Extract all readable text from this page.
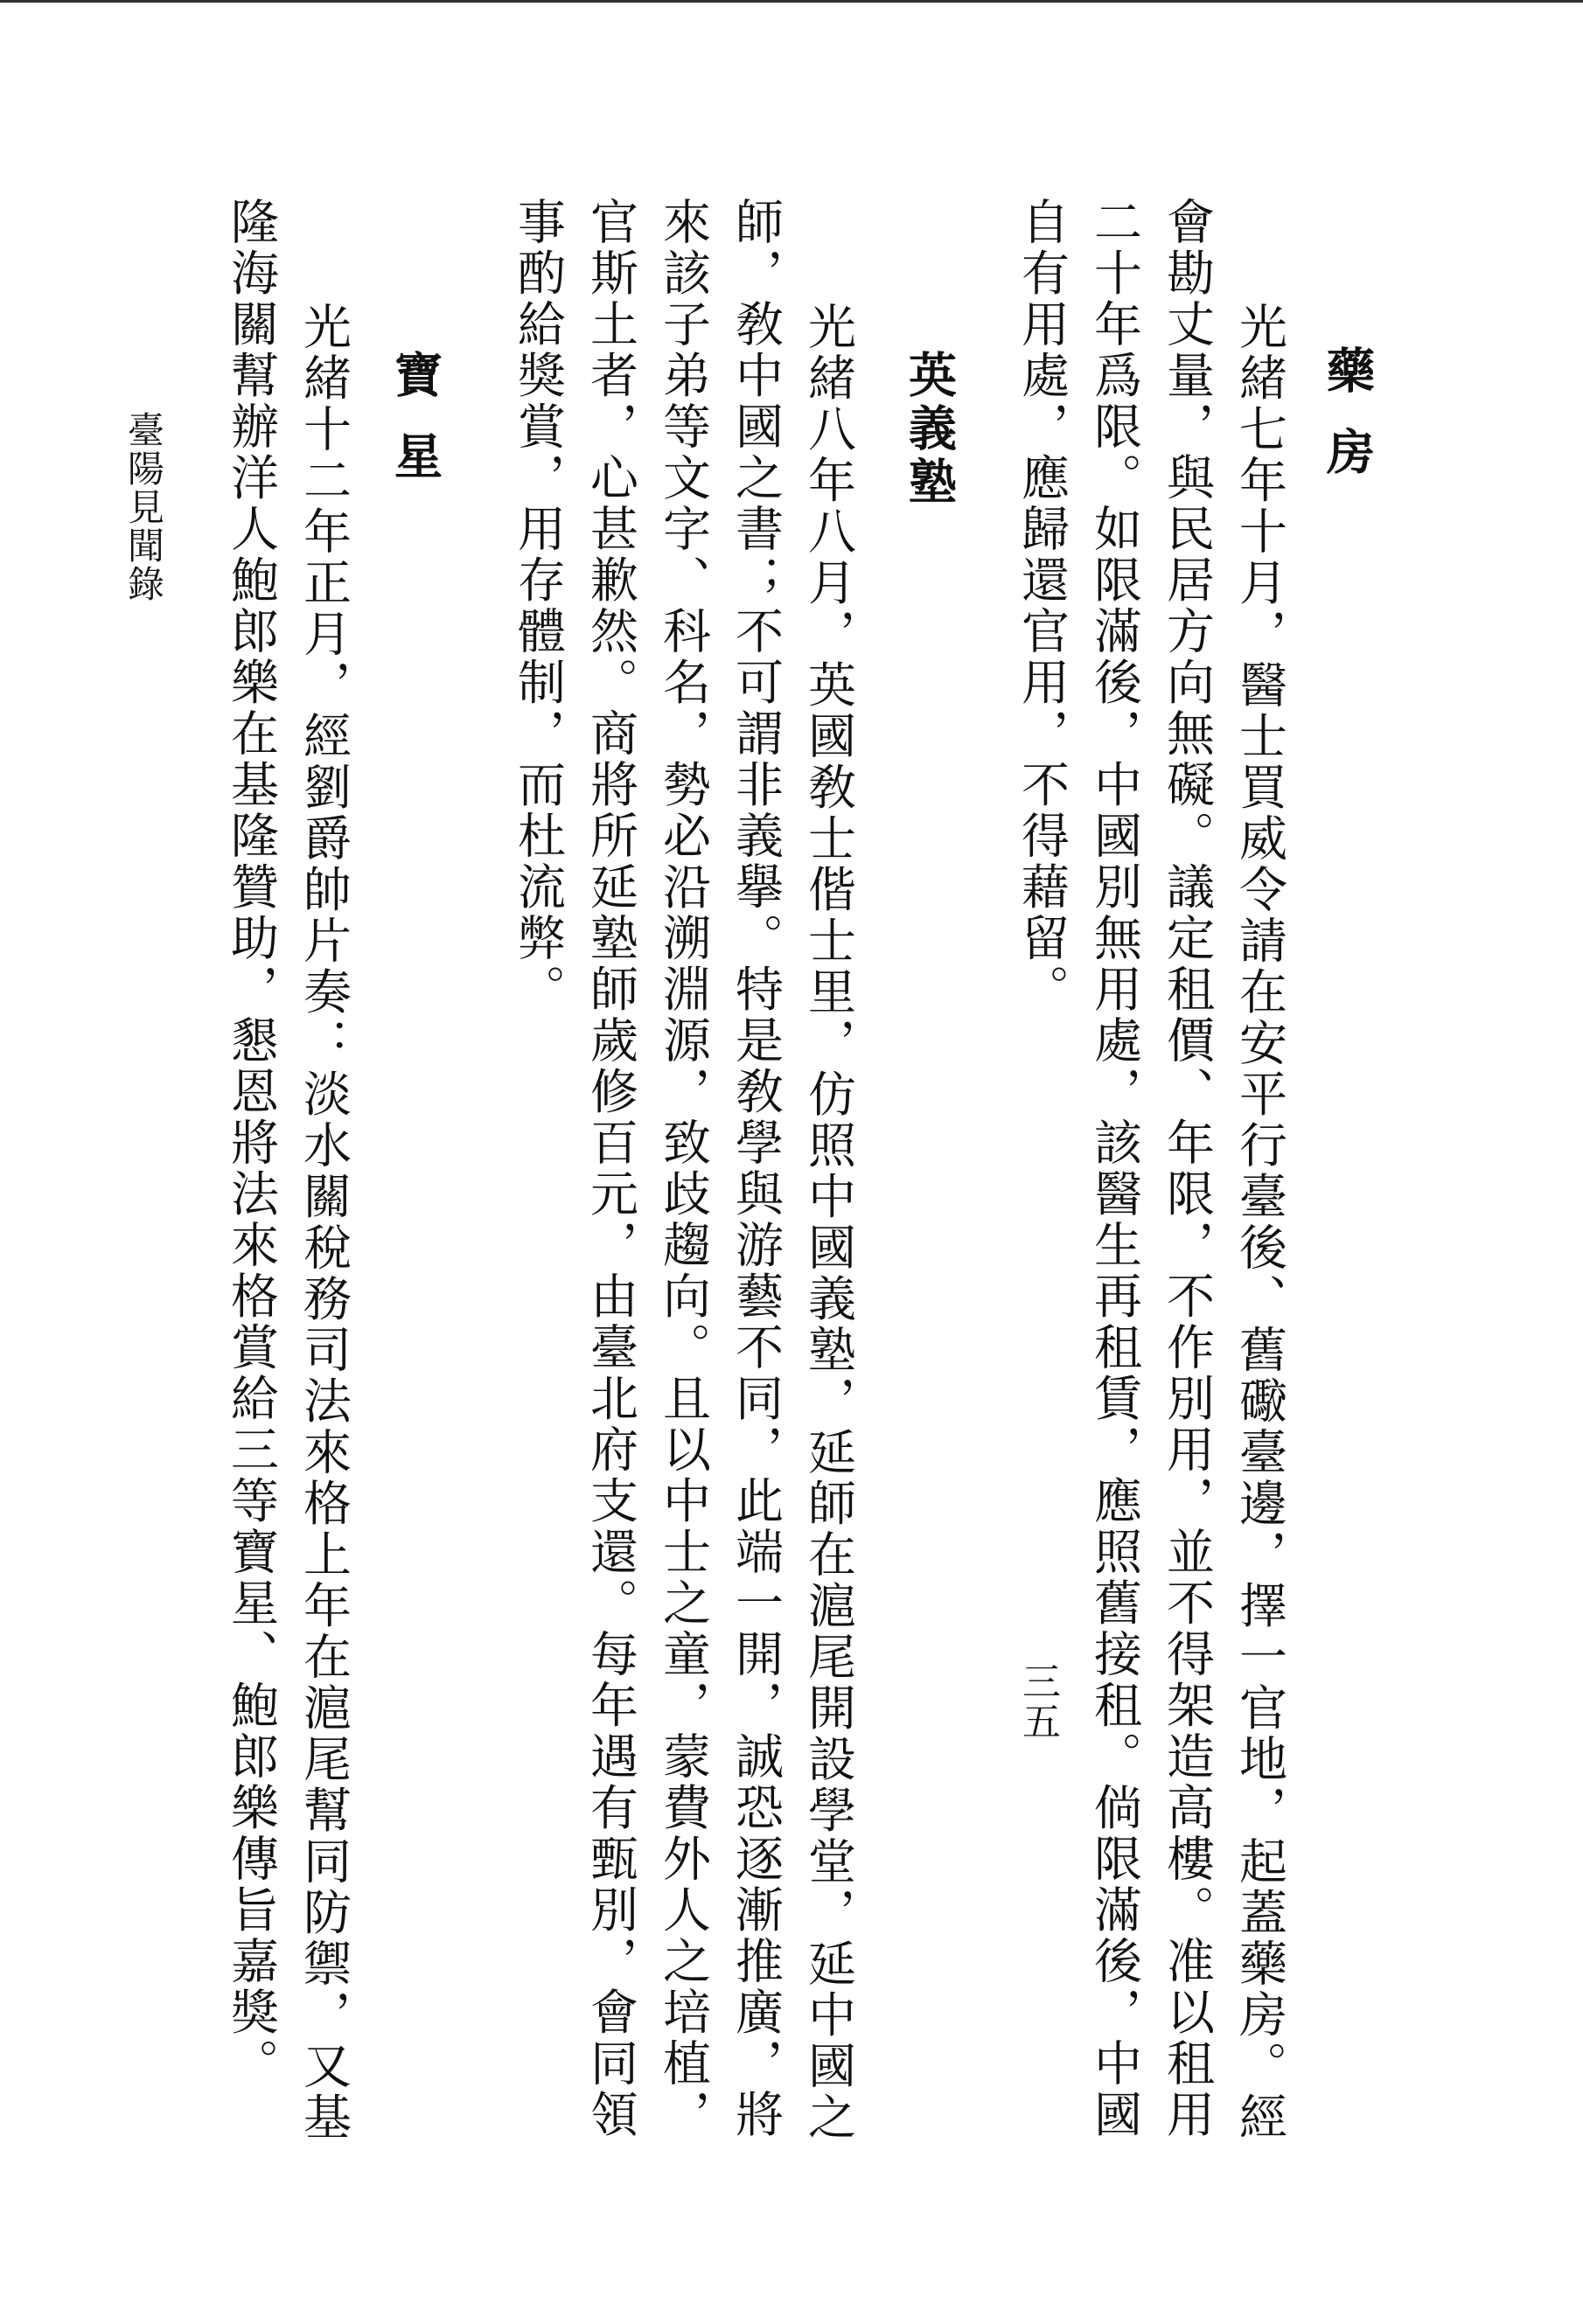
藥房
光緒七年十月，醫士買威令請在安平行臺後、舊礮臺邊，擇一官地，起蓋藥房。經
會勘丈量，與民居方向無礙。議定租價、年限，不作別用，並不得架造高樓。准以租用
二十年爲限。如限滿後，中國別無用處，該醫生再租賃，應照舊接租。倘限滿後，中國
自有用處，應歸還官用，不得藉留。
英義塾
光緒八年八月，英國敎士偕士里，仿照中國義塾，延師在滬尾開設學堂，延中國之
師，敎中國之書；不可謂非義擧。特是敎學與游藝不同，此端一開，誠恐逐漸推廣，將
來該子弟等文字、科名，勢必沿溯淵源，致歧趨向。且以中士之童，蒙費外人之培植，
官斯土者，心甚歉然。商將所延塾師歲修百元，由臺北府支還。每年遇有甄別，會同領
事酌給獎賞，用存體制，而杜流弊。
寶星
光緒十二年正月，經劉爵帥片奏：淡水關稅務司法來格上年在滬尾幫同防禦，又基
隆海關幫辦洋人鮑郎樂在基隆贊助，懇恩將法來格賞給三等寶星、鮑郎樂傳旨嘉獎。
臺陽見聞錄
三五
